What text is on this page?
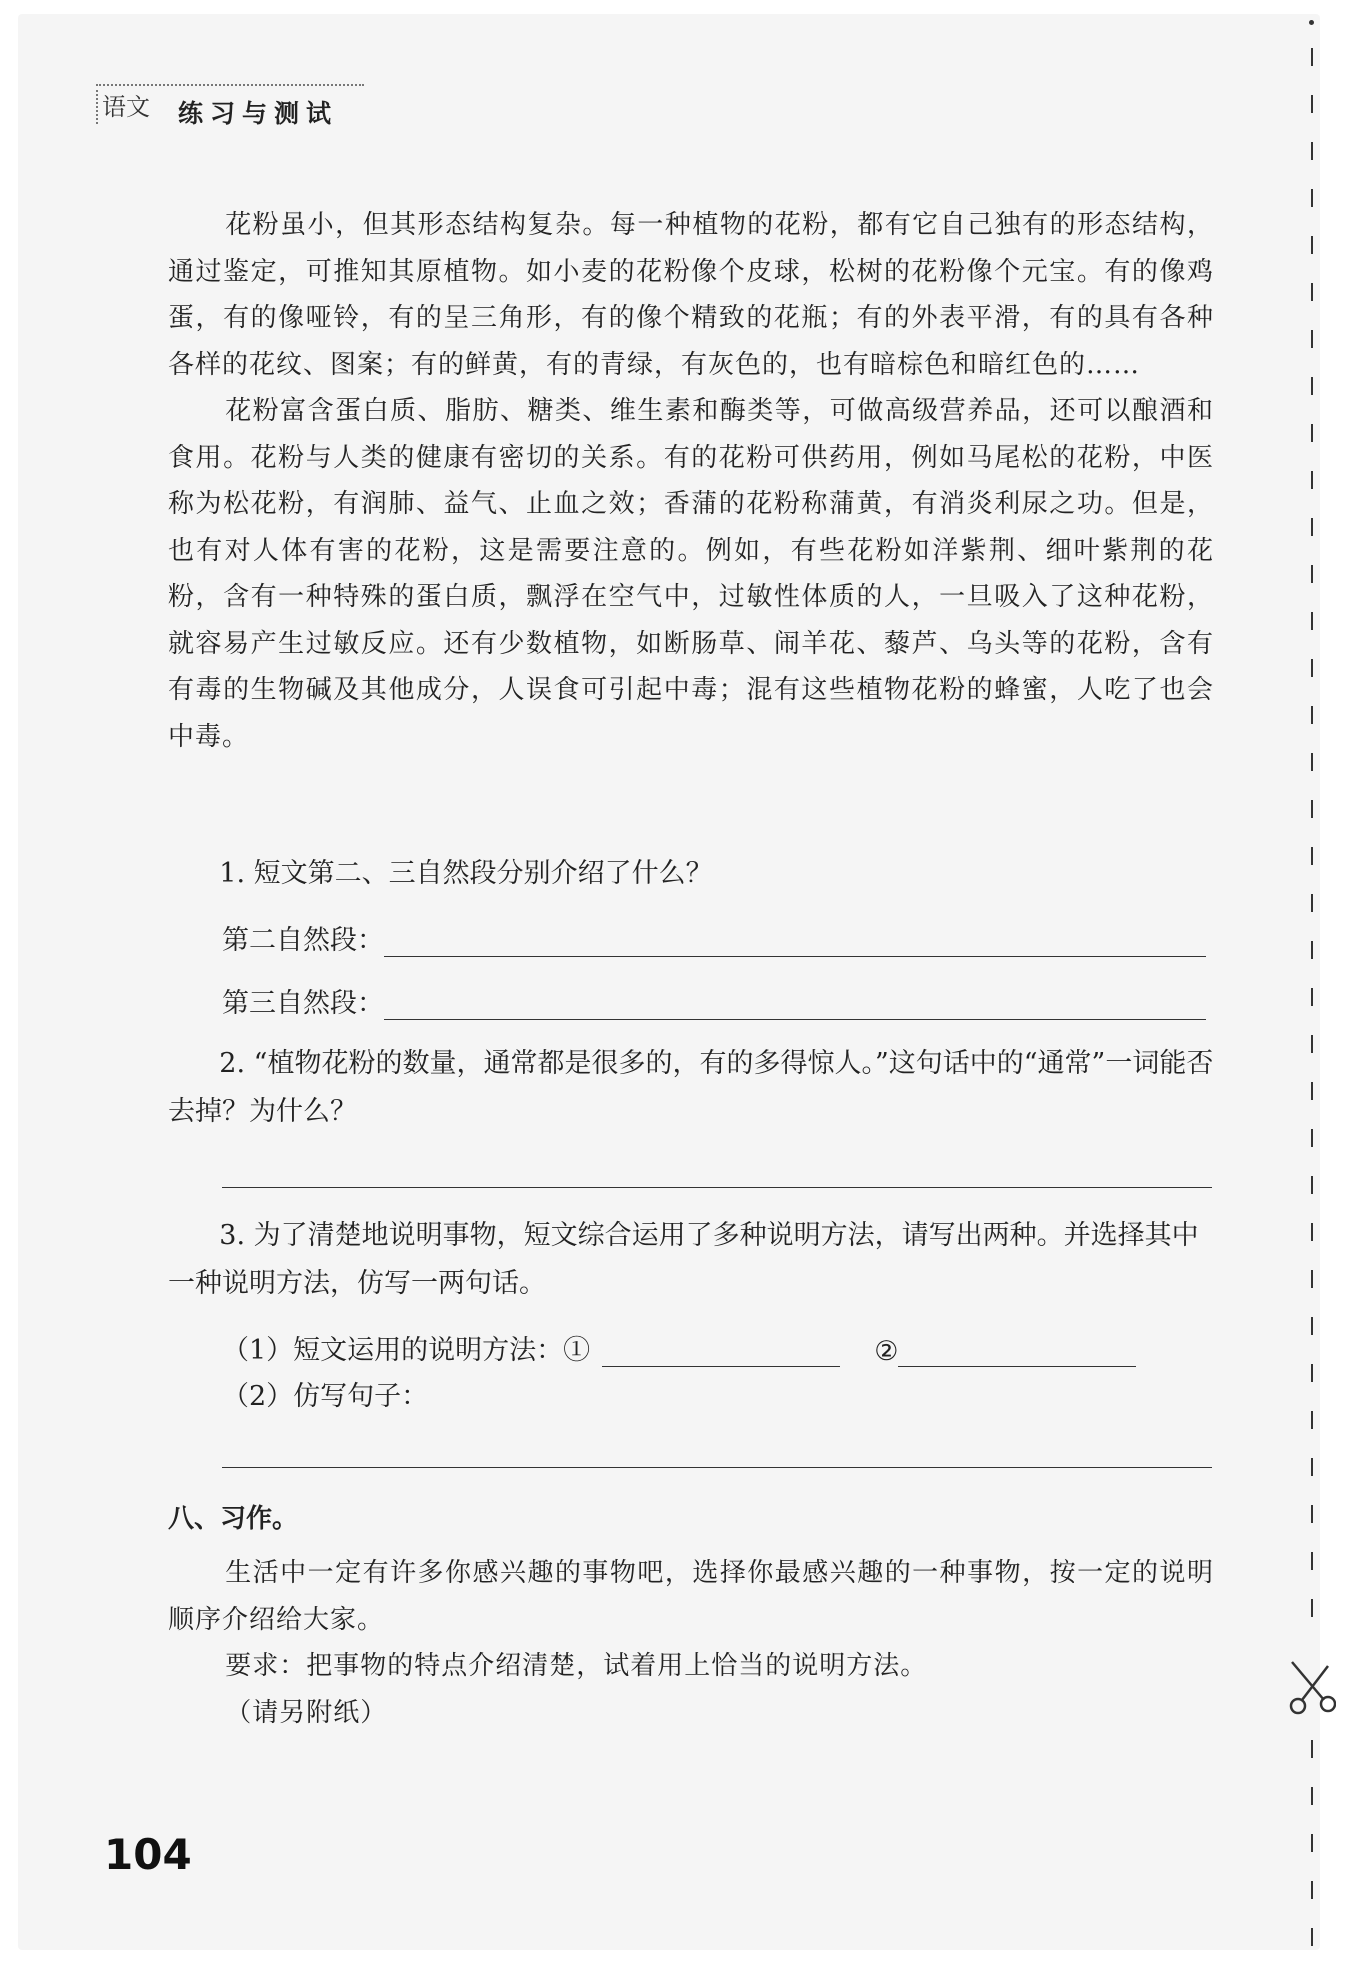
语文 练习与测试

花粉虽小，但其形态结构复杂。每一种植物的花粉，都有它自己独有的形态结构，通过鉴定，可推知其原植物。如小麦的花粉像个皮球，松树的花粉像个元宝。有的像鸡蛋，有的像哑铃，有的呈三角形，有的像个精致的花瓶；有的外表平滑，有的具有各种各样的花纹、图案；有的鲜黄，有的青绿，有灰色的，也有暗棕色和暗红色的……

花粉富含蛋白质、脂肪、糖类、维生素和酶类等，可做高级营养品，还可以酿酒和食用。花粉与人类的健康有密切的关系。有的花粉可供药用，例如马尾松的花粉，中医称为松花粉，有润肺、益气、止血之效；香蒲的花粉称蒲黄，有消炎利尿之功。但是，也有对人体有害的花粉，这是需要注意的。例如，有些花粉如洋紫荆、细叶紫荆的花粉，含有一种特殊的蛋白质，飘浮在空气中，过敏性体质的人，一旦吸入了这种花粉，就容易产生过敏反应。还有少数植物，如断肠草、闹羊花、藜芦、乌头等的花粉，含有有毒的生物碱及其他成分，人误食可引起中毒；混有这些植物花粉的蜂蜜，人吃了也会中毒。

1. 短文第二、三自然段分别介绍了什么？

第二自然段：
第三自然段：

2. “植物花粉的数量，通常都是很多的，有的多得惊人。”这句话中的“通常”一词能否去掉？为什么？

3. 为了清楚地说明事物，短文综合运用了多种说明方法，请写出两种。并选择其中一种说明方法，仿写一两句话。

（1）短文运用的说明方法：①	②
（2）仿写句子：
八、习作。

生活中一定有许多你感兴趣的事物吧，选择你最感兴趣的一种事物，按一定的说明顺序介绍给大家。

要求：把事物的特点介绍清楚，试着用上恰当的说明方法。

（请另附纸）

104
